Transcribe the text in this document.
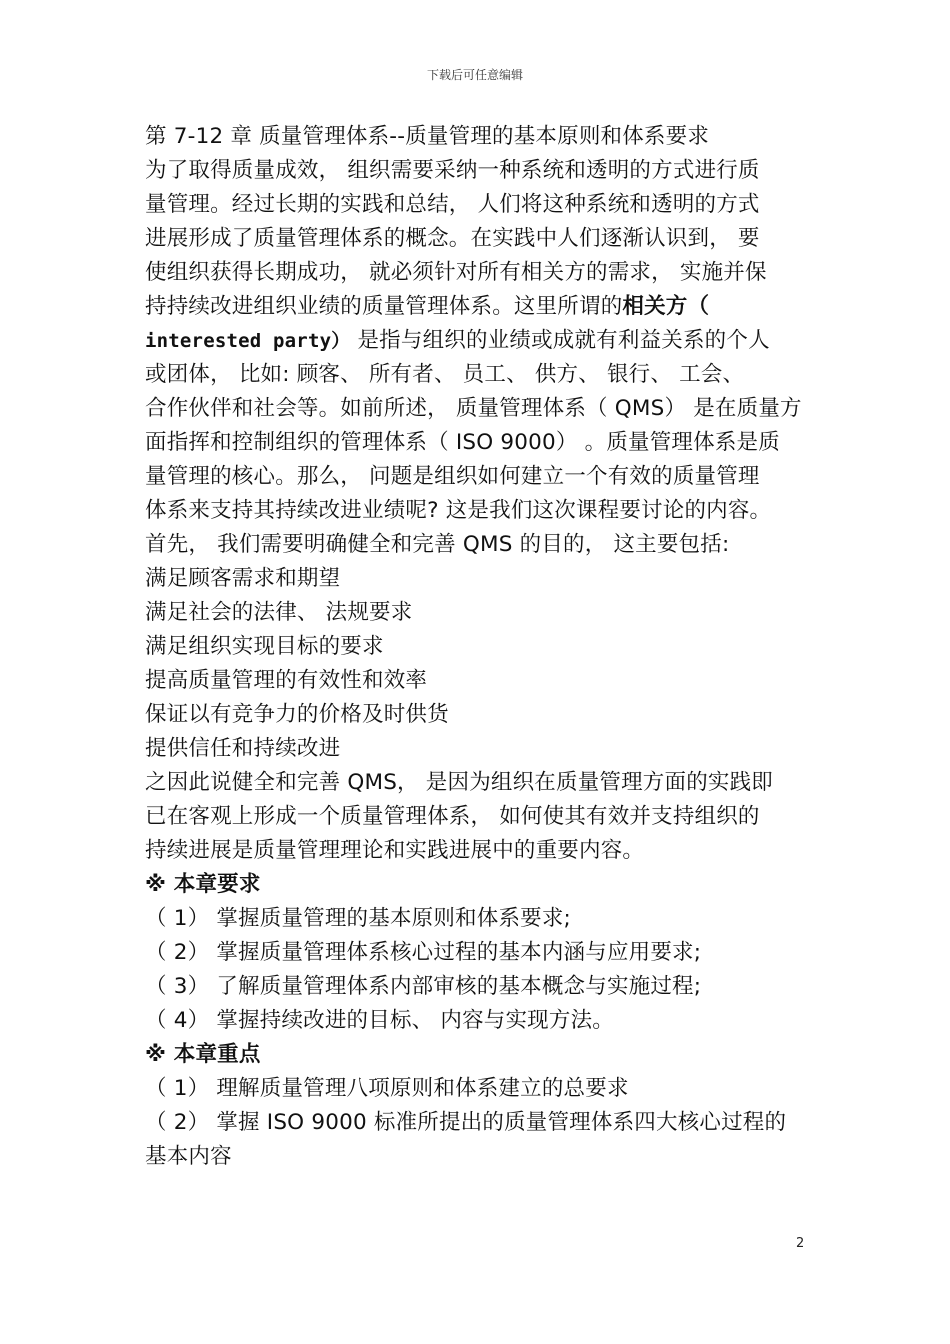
下载后可任意编辑
第 7-12 章 质量管理体系--质量管理的基本原则和体系要求
为了取得质量成效， 组织需要采纳一种系统和透明的方式进行质
量管理。经过长期的实践和总结， 人们将这种系统和透明的方式
进展形成了质量管理体系的概念。在实践中人们逐渐认识到， 要
使组织获得长期成功， 就必须针对所有相关方的需求， 实施并保
持持续改进组织业绩的质量管理体系。这里所谓的相关方（
interested party） 是指与组织的业绩或成就有利益关系的个人
或团体， 比如: 顾客、 所有者、 员工、 供方、 银行、 工会、
合作伙伴和社会等。如前所述， 质量管理体系（ QMS） 是在质量方
面指挥和控制组织的管理体系（ ISO 9000） 。质量管理体系是质
量管理的核心。那么， 问题是组织如何建立一个有效的质量管理
体系来支持其持续改进业绩呢? 这是我们这次课程要讨论的内容。
首先， 我们需要明确健全和完善 QMS 的目的， 这主要包括:
满足顾客需求和期望
满足社会的法律、 法规要求
满足组织实现目标的要求
提高质量管理的有效性和效率
保证以有竞争力的价格及时供货
提供信任和持续改进
之因此说健全和完善 QMS， 是因为组织在质量管理方面的实践即
已在客观上形成一个质量管理体系， 如何使其有效并支持组织的
持续进展是质量管理理论和实践进展中的重要内容。
※ 本章要求
（ 1） 掌握质量管理的基本原则和体系要求;
（ 2） 掌握质量管理体系核心过程的基本内涵与应用要求;
（ 3） 了解质量管理体系内部审核的基本概念与实施过程;
（ 4） 掌握持续改进的目标、 内容与实现方法。
※ 本章重点
（ 1） 理解质量管理八项原则和体系建立的总要求
（ 2） 掌握 ISO 9000 标准所提出的质量管理体系四大核心过程的
基本内容
2
